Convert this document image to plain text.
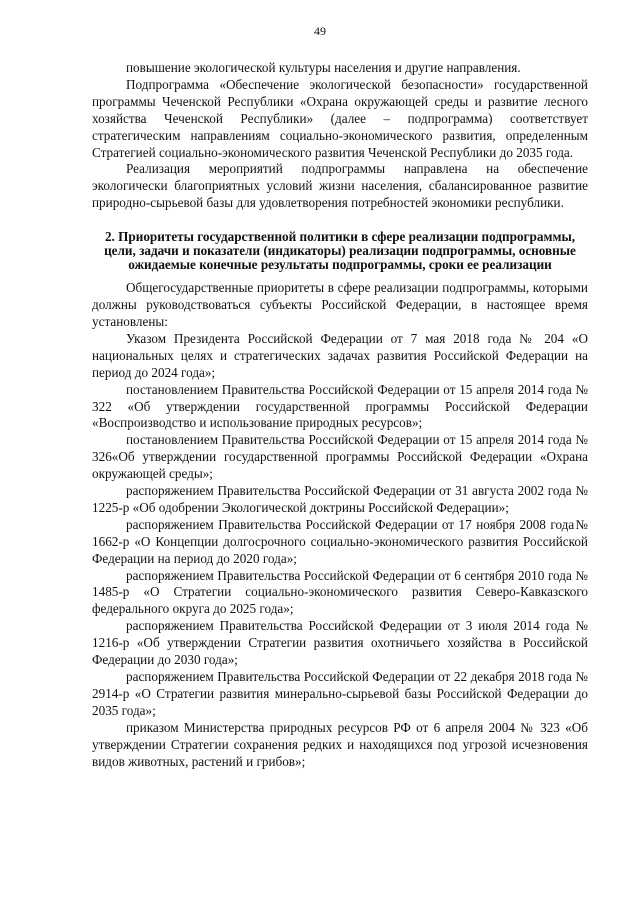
49

повышение экологической культуры населения и другие направления.

Подпрограмма «Обеспечение экологической безопасности» государственной программы Чеченской Республики «Охрана окружающей среды и развитие лесного хозяйства Чеченской Республики» (далее – подпрограмма) соответствует стратегическим направлениям социально-экономического развития, определенным Стратегией социально-экономического развития Чеченской Республики до 2035 года.

Реализация мероприятий подпрограммы направлена на обеспечение экологически благоприятных условий жизни населения, сбалансированное развитие природно-сырьевой базы для удовлетворения потребностей экономики республики.

2. Приоритеты государственной политики в сфере реализации подпрограммы, цели, задачи и показатели (индикаторы) реализации подпрограммы, основные ожидаемые конечные результаты подпрограммы, сроки ее реализации

Общегосударственные приоритеты в сфере реализации подпрограммы, которыми должны руководствоваться субъекты Российской Федерации, в настоящее время установлены:

Указом Президента Российской Федерации от 7 мая 2018 года № 204 «О национальных целях и стратегических задачах развития Российской Федерации на период до 2024 года»;

постановлением Правительства Российской Федерации от 15 апреля 2014 года № 322 «Об утверждении государственной программы Российской Федерации «Воспроизводство и использование природных ресурсов»;

постановлением Правительства Российской Федерации от 15 апреля 2014 года № 326«Об утверждении государственной программы Российской Федерации «Охрана окружающей среды»;

распоряжением Правительства Российской Федерации от 31 августа 2002 года № 1225-р «Об одобрении Экологической доктрины Российской Федерации»;

распоряжением Правительства Российской Федерации от 17 ноября 2008 года№ 1662-р «О Концепции долгосрочного социально-экономического развития Российской Федерации на период до 2020 года»;

распоряжением Правительства Российской Федерации от 6 сентября 2010 года № 1485-р «О Стратегии социально-экономического развития Северо-Кавказского федерального округа до 2025 года»;

распоряжением Правительства Российской Федерации от 3 июля 2014 года № 1216-р «Об утверждении Стратегии развития охотничьего хозяйства в Российской Федерации до 2030 года»;

распоряжением Правительства Российской Федерации от 22 декабря 2018 года № 2914-р «О Стратегии развития минерально-сырьевой базы Российской Федерации до 2035 года»;

приказом Министерства природных ресурсов РФ от 6 апреля 2004 № 323 «Об утверждении Стратегии сохранения редких и находящихся под угрозой исчезновения видов животных, растений и грибов»;
